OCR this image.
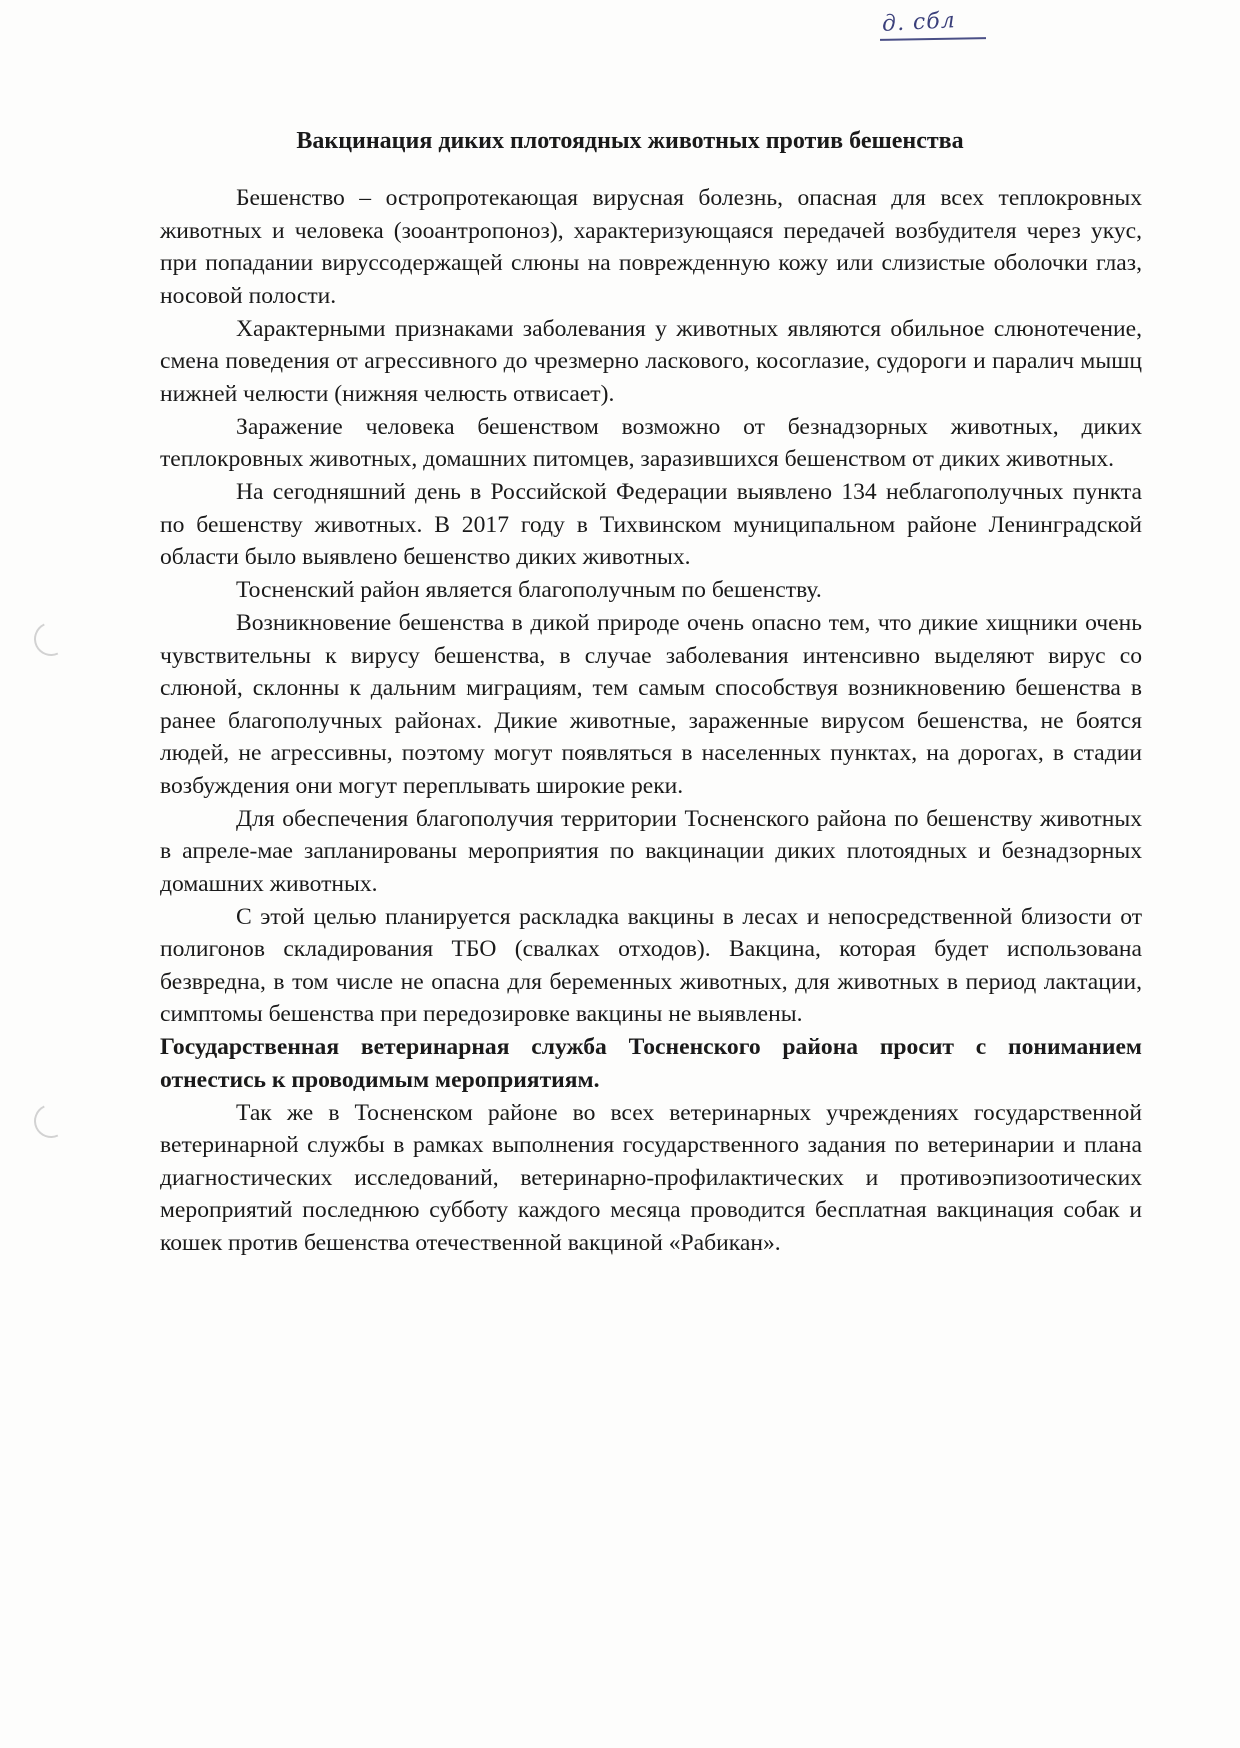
д. сбл
Вакцинация диких плотоядных животных против бешенства

Бешенство – остропротекающая вирусная болезнь, опасная для всех теплокровных животных и человека (зооантропоноз), характеризующаяся передачей возбудителя через укус, при попадании вируссодержащей слюны на поврежденную кожу или слизистые оболочки глаз, носовой полости.

Характерными признаками заболевания у животных являются обильное слюнотечение, смена поведения от агрессивного до чрезмерно ласкового, косоглазие, судороги и паралич мышц нижней челюсти (нижняя челюсть отвисает).

Заражение человека бешенством возможно от безнадзорных животных, диких теплокровных животных, домашних питомцев, заразившихся бешенством от диких животных.

На сегодняшний день в Российской Федерации выявлено 134 неблагополучных пункта по бешенству животных. В 2017 году в Тихвинском муниципальном районе Ленинградской области было выявлено бешенство диких животных.

Тосненский район является благополучным по бешенству.

Возникновение бешенства в дикой природе очень опасно тем, что дикие хищники очень чувствительны к вирусу бешенства, в случае заболевания интенсивно выделяют вирус со слюной, склонны к дальним миграциям, тем самым способствуя возникновению бешенства в ранее благополучных районах. Дикие животные, зараженные вирусом бешенства, не боятся людей, не агрессивны, поэтому могут появляться в населенных пунктах, на дорогах, в стадии возбуждения они могут переплывать широкие реки.

Для обеспечения благополучия территории Тосненского района по бешенству животных в апреле-мае запланированы мероприятия по вакцинации диких плотоядных и безнадзорных домашних животных.

С этой целью планируется раскладка вакцины в лесах и непосредственной близости от полигонов складирования ТБО (свалках отходов). Вакцина, которая будет использована безвредна, в том числе не опасна для беременных животных, для животных в период лактации, симптомы бешенства при передозировке вакцины не выявлены.

Государственная ветеринарная служба Тосненского района просит с пониманием отнестись к проводимым мероприятиям.

Так же в Тосненском районе во всех ветеринарных учреждениях государственной ветеринарной службы в рамках выполнения государственного задания по ветеринарии и плана диагностических исследований, ветеринарно-профилактических и противоэпизоотических мероприятий последнюю субботу каждого месяца проводится бесплатная вакцинация собак и кошек против бешенства отечественной вакциной «Рабикан».
